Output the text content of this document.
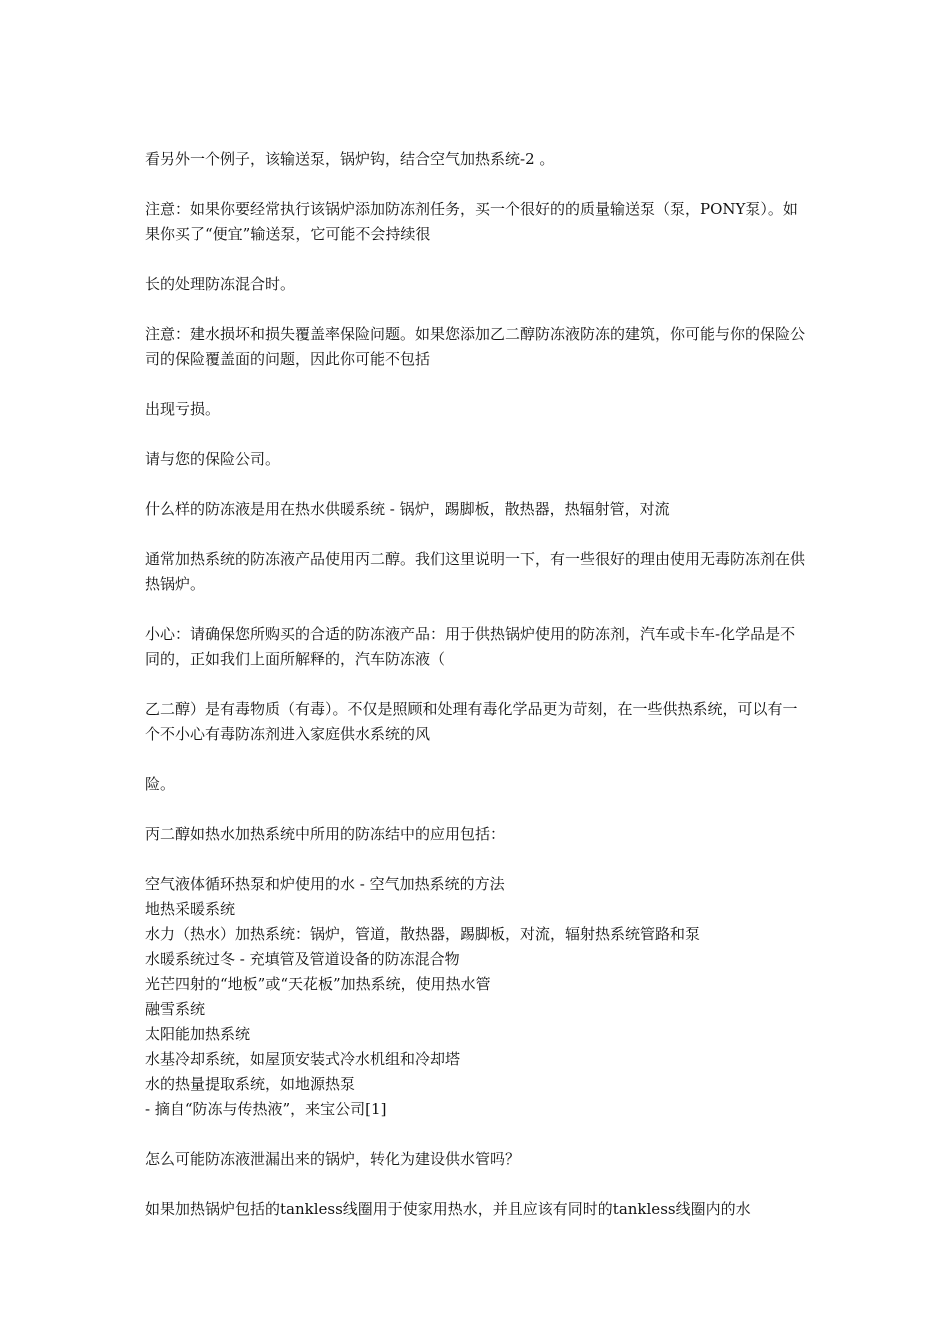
看另外一个例子，该输送泵，锅炉钩，结合空气加热系统-2 。

注意：如果你要经常执行该锅炉添加防冻剂任务，买一个很好的的质量输送泵（泵，PONY泵）。如果你买了“便宜”输送泵，它可能不会持续很

长的处理防冻混合时。

注意：建水损坏和损失覆盖率保险问题。如果您添加乙二醇防冻液防冻的建筑，你可能与你的保险公司的保险覆盖面的问题，因此你可能不包括

出现亏损。

请与您的保险公司。

什么样的防冻液是用在热水供暖系统 - 锅炉，踢脚板，散热器，热辐射管，对流

通常加热系统的防冻液产品使用丙二醇。我们这里说明一下，有一些很好的理由使用无毒防冻剂在供热锅炉。

小心：请确保您所购买的合适的防冻液产品：用于供热锅炉使用的防冻剂，汽车或卡车-化学品是不同的，正如我们上面所解释的，汽车防冻液（

乙二醇）是有毒物质（有毒）。不仅是照顾和处理有毒化学品更为苛刻，在一些供热系统，可以有一个不小心有毒防冻剂进入家庭供水系统的风

险。

丙二醇如热水加热系统中所用的防冻结中的应用包括：

空气液体循环热泵和炉使用的水 - 空气加热系统的方法
地热采暖系统
水力（热水）加热系统：锅炉，管道，散热器，踢脚板，对流，辐射热系统管路和泵
水暖系统过冬 - 充填管及管道设备的防冻混合物
光芒四射的“地板”或“天花板”加热系统，使用热水管
融雪系统
太阳能加热系统
水基冷却系统，如屋顶安装式冷水机组和冷却塔
水的热量提取系统，如地源热泵
- 摘自“防冻与传热液”，来宝公司[1]

怎么可能防冻液泄漏出来的锅炉，转化为建设供水管吗？

如果加热锅炉包括的tankless线圈用于使家用热水，并且应该有同时的tankless线圈内的水
